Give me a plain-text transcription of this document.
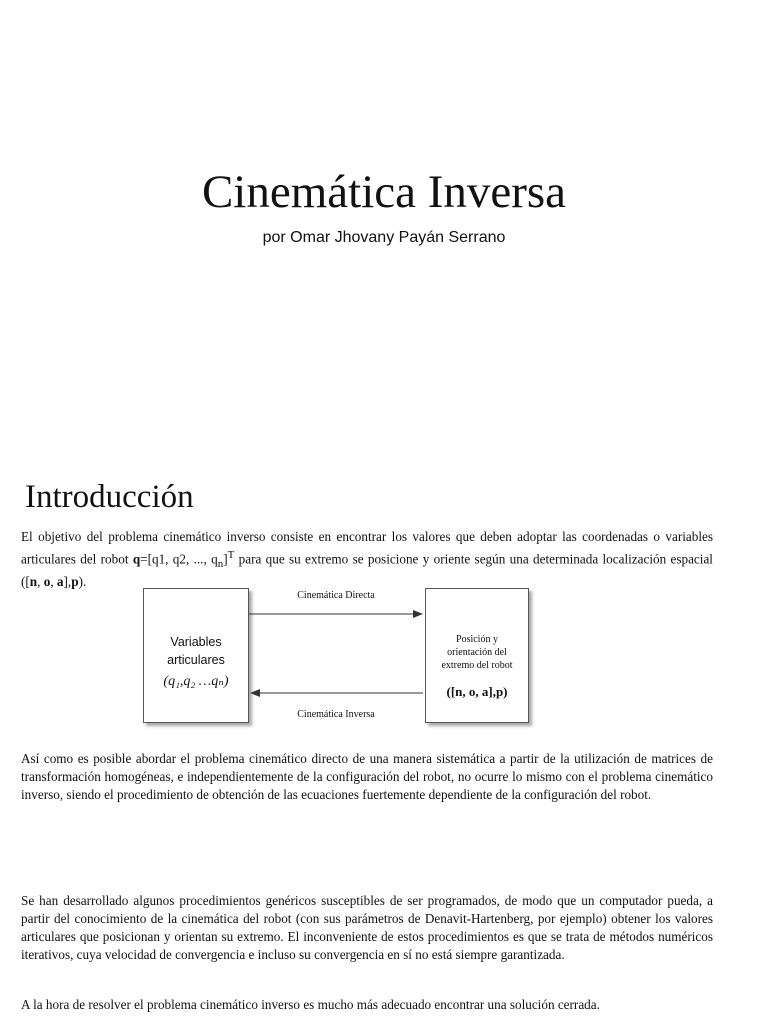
Cinemática Inversa
por Omar Jhovany Payán Serrano
Introducción

El objetivo del problema cinemático inverso consiste en encontrar los valores que deben adoptar las coordenadas o variables articulares del robot q=[q1, q2, ..., $q_n]^T$ para que su extremo se posicione y oriente según una determinada localización espacial ([n, o, a],p).

Variables
articulares
(q₁,q₂ …qₙ)
Cinemática Directa
Cinemática Inversa
Posición y
orientación del
extremo del robot
([n, o, a],p)

Así como es posible abordar el problema cinemático directo de una manera sistemática a partir de la utilización de matrices de transformación homogéneas, e independientemente de la configuración del robot, no ocurre lo mismo con el problema cinemático inverso, siendo el procedimiento de obtención de las ecuaciones fuertemente dependiente de la configuración del robot.

Se han desarrollado algunos procedimientos genéricos susceptibles de ser programados, de modo que un computador pueda, a partir del conocimiento de la cinemática del robot (con sus parámetros de Denavit-Hartenberg, por ejemplo) obtener los valores articulares que posicionan y orientan su extremo. El inconveniente de estos procedimientos es que se trata de métodos numéricos iterativos, cuya velocidad de convergencia e incluso su convergencia en sí no está siempre garantizada.

A la hora de resolver el problema cinemático inverso es mucho más adecuado encontrar una solución cerrada.
